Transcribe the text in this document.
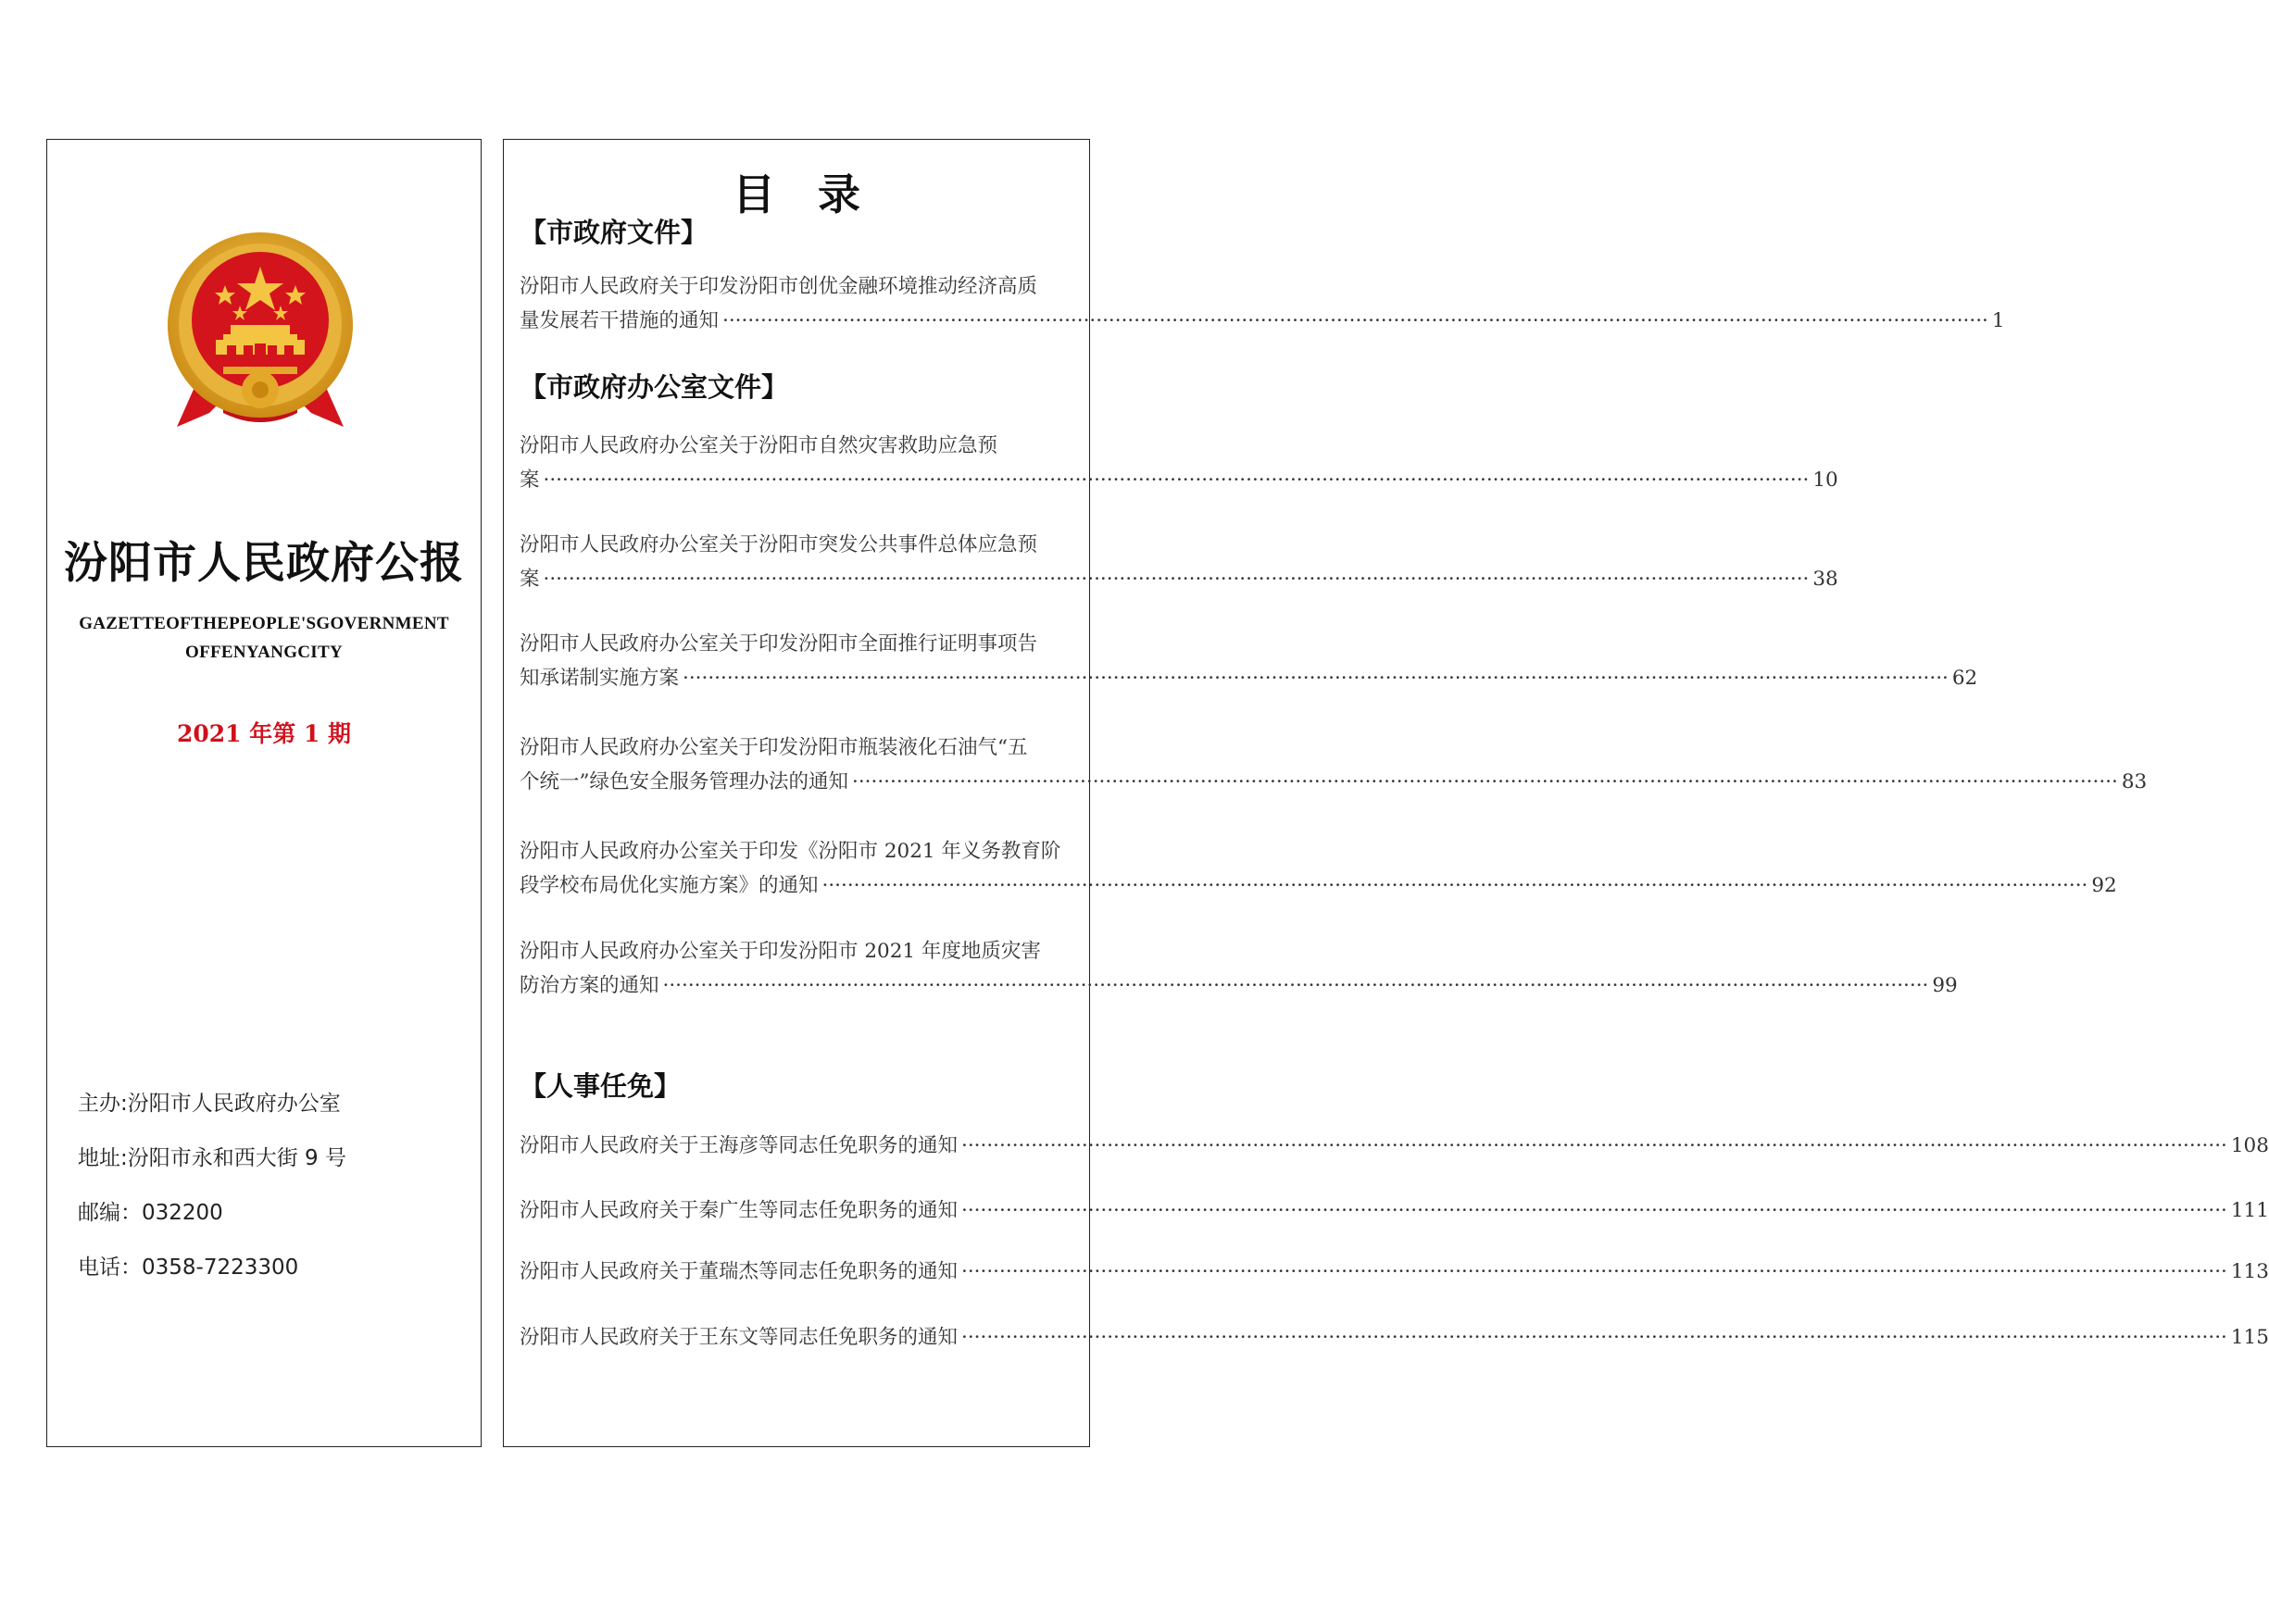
汾阳市人民政府公报
GAZETTEOFTHEPEOPLE'SGOVERNMENT
OFFENYANGCITY
2021 年第 1 期
主办:汾阳市人民政府办公室
地址:汾阳市永和西大街 9 号
邮编：032200
电话：0358-7223300
目　录
【市政府文件】
汾阳市人民政府关于印发汾阳市创优金融环境推动经济高质
量发展若干措施的通知 ········································································································································································································ 1
【市政府办公室文件】
汾阳市人民政府办公室关于汾阳市自然灾害救助应急预
案 ········································································································································································································ 10
汾阳市人民政府办公室关于汾阳市突发公共事件总体应急预
案 ········································································································································································································ 38
汾阳市人民政府办公室关于印发汾阳市全面推行证明事项告
知承诺制实施方案 ········································································································································································································ 62
汾阳市人民政府办公室关于印发汾阳市瓶装液化石油气“五
个统一”绿色安全服务管理办法的通知 ········································································································································································································ 83
汾阳市人民政府办公室关于印发《汾阳市 2021 年义务教育阶
段学校布局优化实施方案》的通知 ········································································································································································································ 92
汾阳市人民政府办公室关于印发汾阳市 2021 年度地质灾害
防治方案的通知 ········································································································································································································ 99
【人事任免】
汾阳市人民政府关于王海彦等同志任免职务的通知 ········································································································································································································ 108
汾阳市人民政府关于秦广生等同志任免职务的通知 ········································································································································································································ 111
汾阳市人民政府关于董瑞杰等同志任免职务的通知 ········································································································································································································ 113
汾阳市人民政府关于王东文等同志任免职务的通知 ········································································································································································································ 115
